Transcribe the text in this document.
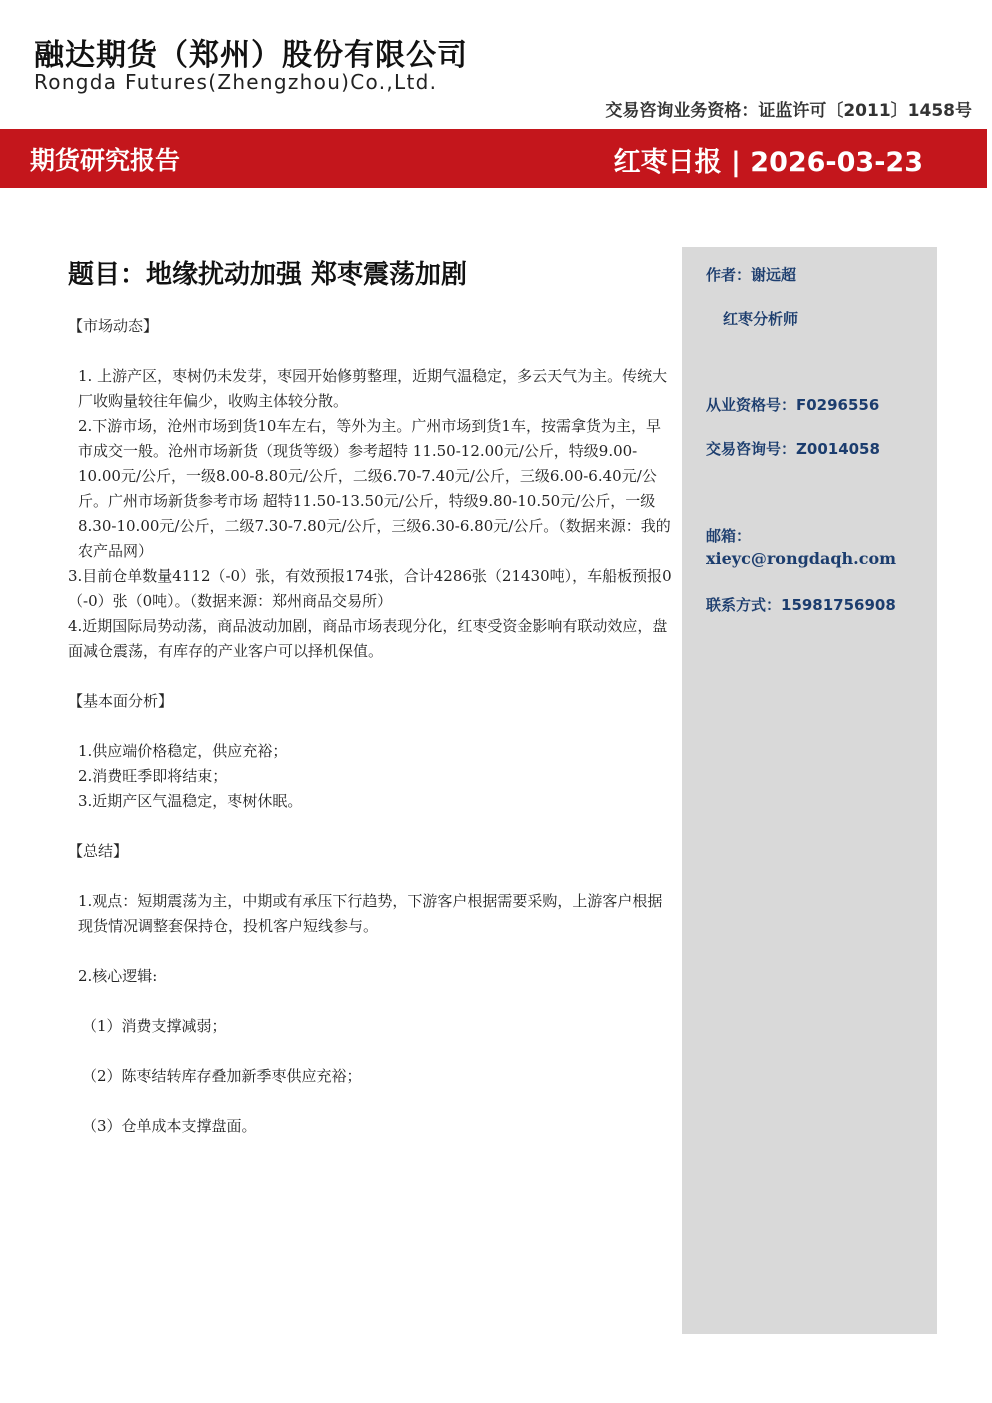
融达期货（郑州）股份有限公司
Rongda Futures(Zhengzhou)Co.,Ltd.
交易咨询业务资格：证监许可〔2011〕1458号
期货研究报告	红枣日报 | 2026-03-23
题目：地缘扰动加强 郑枣震荡加剧
【市场动态】
1. 上游产区，枣树仍未发芽，枣园开始修剪整理，近期气温稳定，多云天气为主。传统大厂收购量较往年偏少，收购主体较分散。
2.下游市场，沧州市场到货10车左右，等外为主。广州市场到货1车，按需拿货为主，早市成交一般。沧州市场新货（现货等级）参考超特 11.50-12.00元/公斤，特级9.00-10.00元/公斤，一级8.00-8.80元/公斤，二级6.70-7.40元/公斤，三级6.00-6.40元/公斤。广州市场新货参考市场 超特11.50-13.50元/公斤，特级9.80-10.50元/公斤，一级8.30-10.00元/公斤，二级7.30-7.80元/公斤，三级6.30-6.80元/公斤。（数据来源：我的农产品网）
3.目前仓单数量4112（-0）张，有效预报174张，合计4286张（21430吨），车船板预报0（-0）张（0吨）。（数据来源：郑州商品交易所）
4.近期国际局势动荡，商品波动加剧，商品市场表现分化，红枣受资金影响有联动效应，盘面减仓震荡，有库存的产业客户可以择机保值。
【基本面分析】
1.供应端价格稳定，供应充裕；
2.消费旺季即将结束；
3.近期产区气温稳定，枣树休眠。
【总结】
1.观点：短期震荡为主，中期或有承压下行趋势，下游客户根据需要采购，上游客户根据现货情况调整套保持仓，投机客户短线参与。
2.核心逻辑:
（1）消费支撑减弱；
（2）陈枣结转库存叠加新季枣供应充裕；
（3）仓单成本支撑盘面。
作者：谢远超
红枣分析师
从业资格号：F0296556
交易咨询号：Z0014058
邮箱：
xieyc@rongdaqh.com
联系方式：15981756908
